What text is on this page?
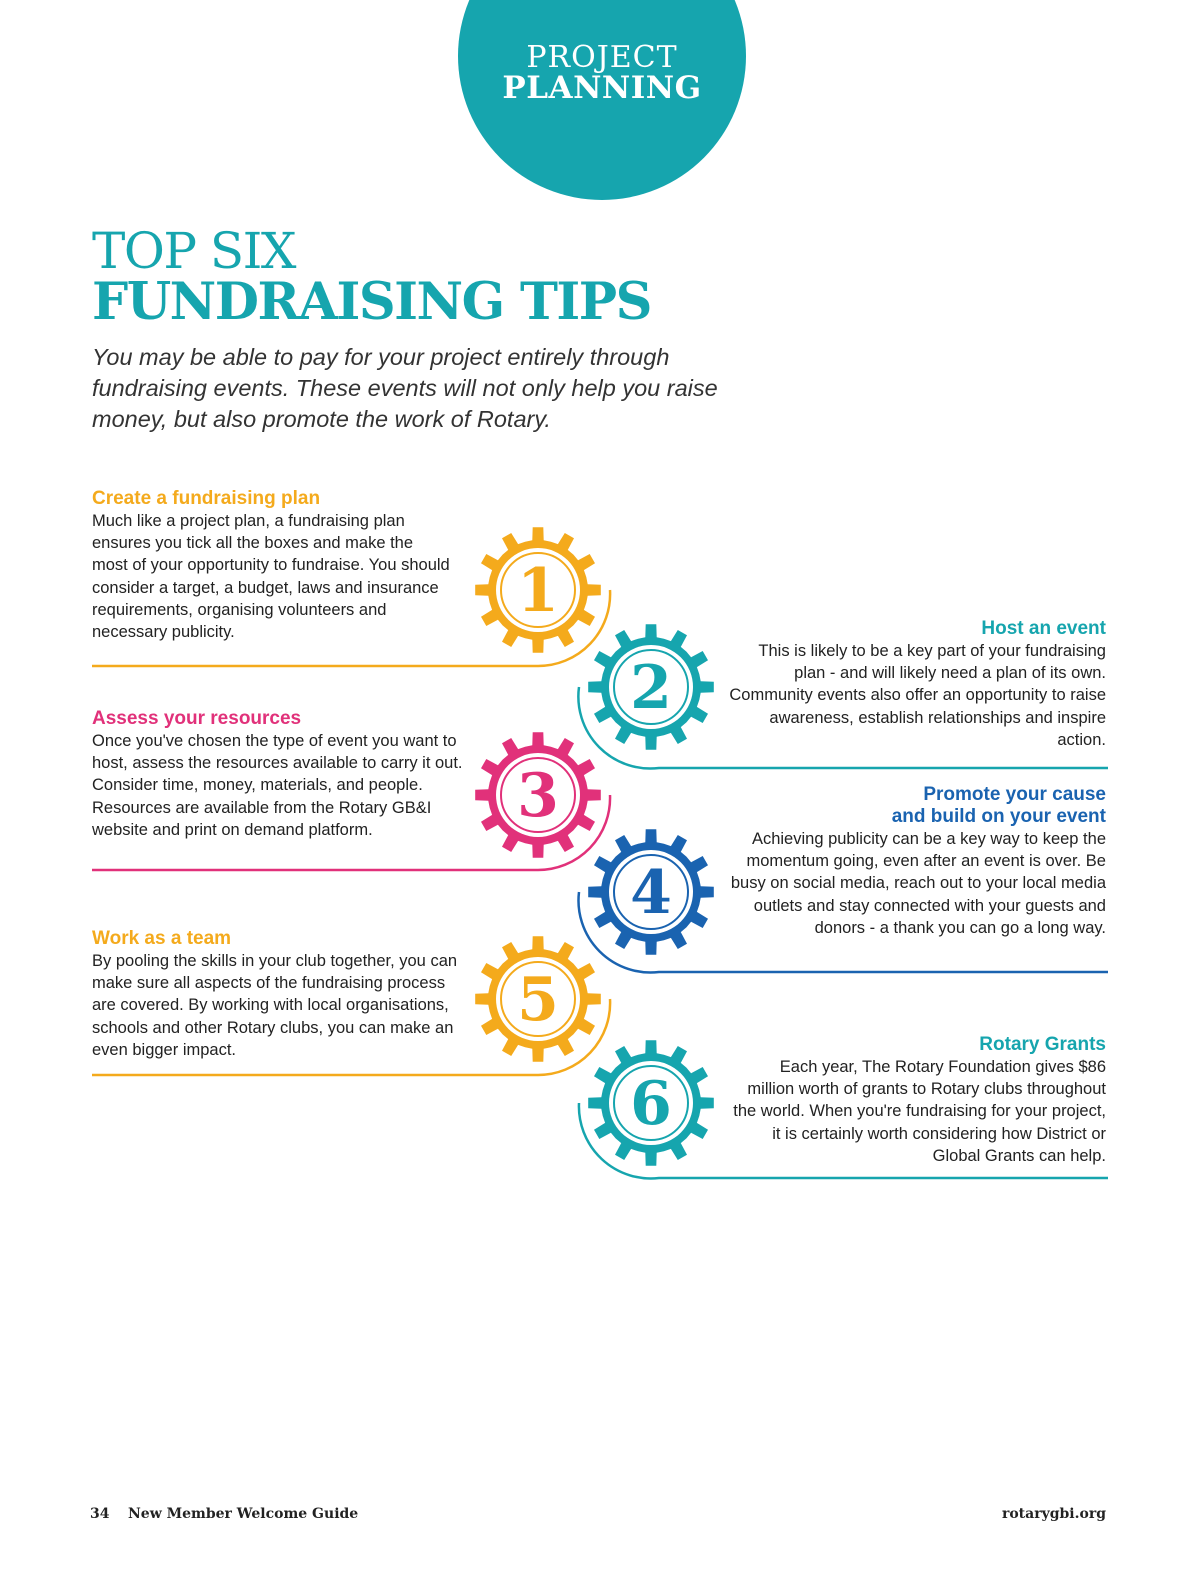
PROJECT
PLANNING
TOP SIX
FUNDRAISING TIPS
You may be able to pay for your project entirely through fundraising events. These events will not only help you raise money, but also promote the work of Rotary.
1
2
3
4
5
6
Create a fundraising plan

Much like a project plan, a fundraising plan ensures you tick all the boxes and make the most of your opportunity to fundraise. You should consider a target, a budget, laws and insurance requirements, organising volunteers and necessary publicity.	Host an event

This is likely to be a key part of your fundraising plan - and will likely need a plan of its own. Community events also offer an opportunity to raise awareness, establish relationships and inspire action.

Assess your resources

Once you've chosen the type of event you want to host, assess the resources available to carry it out. Consider time, money, materials, and people. Resources are available from the Rotary GB&I website and print on demand platform.

Promote your cause
and build on your event

Achieving publicity can be a key way to keep the momentum going, even after an event is over. Be busy on social media, reach out to your local media outlets and stay connected with your guests and donors - a thank you can go a long way.

Work as a team

By pooling the skills in your club together, you can make sure all aspects of the fundraising process are covered. By working with local organisations, schools and other Rotary clubs, you can make an even bigger impact.	Rotary Grants

Each year, The Rotary Foundation gives $86 million worth of grants to Rotary clubs throughout the world. When you're fundraising for your project, it is certainly worth considering how District or Global Grants can help.

34 New Member Welcome Guide	rotarygbi.org
